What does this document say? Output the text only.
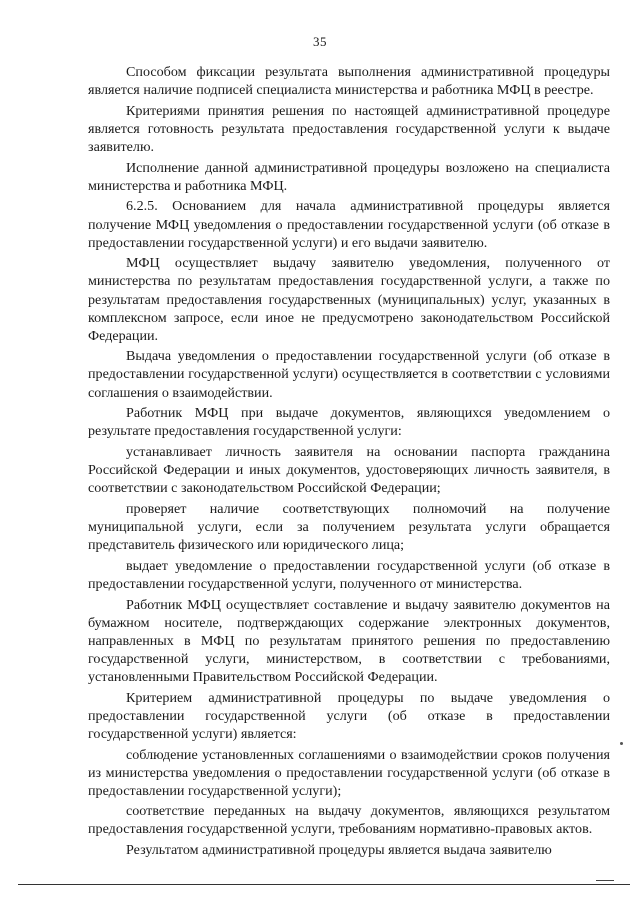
35

Способом фиксации результата выполнения административной процедуры является наличие подписей специалиста министерства и работника МФЦ в реестре.

Критериями принятия решения по настоящей административной процедуре является готовность результата предоставления государственной услуги к выдаче заявителю.

Исполнение данной административной процедуры возложено на специалиста министерства и работника МФЦ.

6.2.5. Основанием для начала административной процедуры является получение МФЦ уведомления о предоставлении государственной услуги (об отказе в предоставлении государственной услуги) и его выдачи заявителю.

МФЦ осуществляет выдачу заявителю уведомления, полученного от министерства по результатам предоставления государственной услуги, а также по результатам предоставления государственных (муниципальных) услуг, указанных в комплексном запросе, если иное не предусмотрено законодательством Российской Федерации.

Выдача уведомления о предоставлении государственной услуги (об отказе в предоставлении государственной услуги) осуществляется в соответствии с условиями соглашения о взаимодействии.

Работник МФЦ при выдаче документов, являющихся уведомлением о результате предоставления государственной услуги:

устанавливает личность заявителя на основании паспорта гражданина Российской Федерации и иных документов, удостоверяющих личность заявителя, в соответствии с законодательством Российской Федерации;

проверяет наличие соответствующих полномочий на получение муниципальной услуги, если за получением результата услуги обращается представитель физического или юридического лица;

выдает уведомление о предоставлении государственной услуги (об отказе в предоставлении государственной услуги, полученного от министерства.

Работник МФЦ осуществляет составление и выдачу заявителю документов на бумажном носителе, подтверждающих содержание электронных документов, направленных в МФЦ по результатам принятого решения по предоставлению государственной услуги, министерством, в соответствии с требованиями, установленными Правительством Российской Федерации.

Критерием административной процедуры по выдаче уведомления о предоставлении государственной услуги (об отказе в предоставлении государственной услуги) является:

соблюдение установленных соглашениями о взаимодействии сроков получения из министерства уведомления о предоставлении государственной услуги (об отказе в предоставлении государственной услуги);

соответствие переданных на выдачу документов, являющихся результатом предоставления государственной услуги, требованиям нормативно-правовых актов.

Результатом административной процедуры является выдача заявителю
